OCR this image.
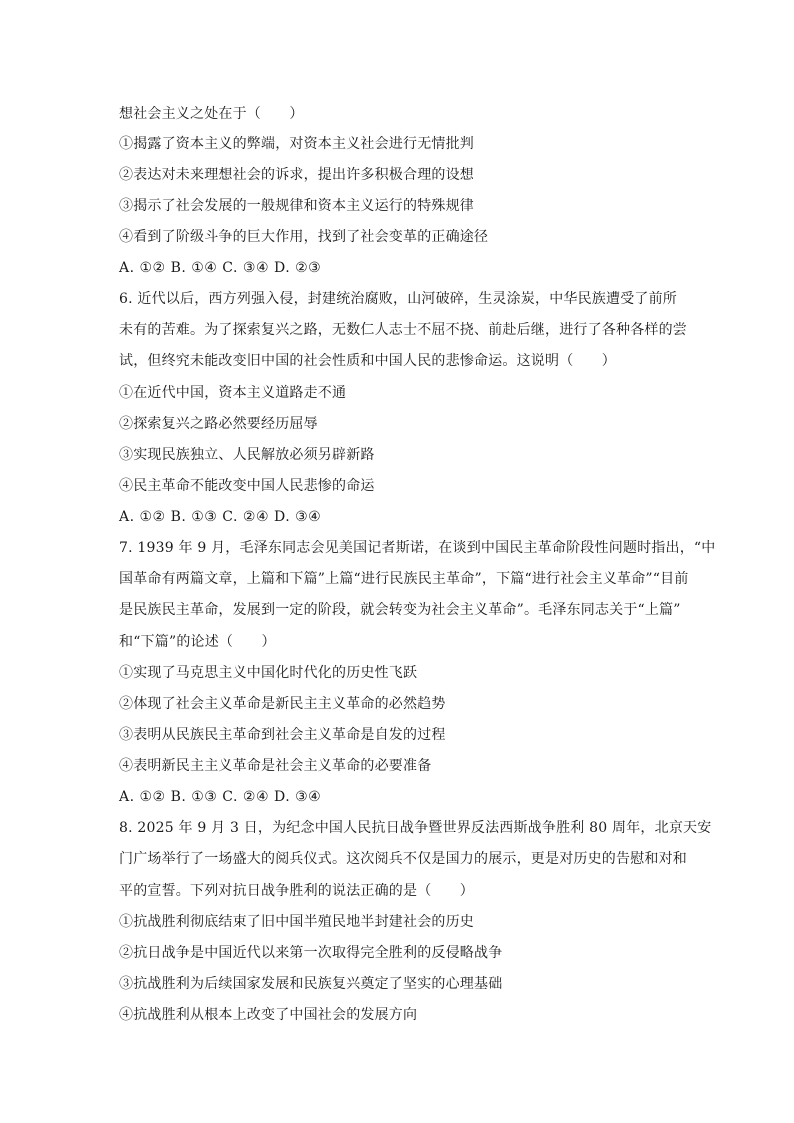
想社会主义之处在于（　　）
①揭露了资本主义的弊端，对资本主义社会进行无情批判
②表达对未来理想社会的诉求，提出许多积极合理的设想
③揭示了社会发展的一般规律和资本主义运行的特殊规律
④看到了阶级斗争的巨大作用，找到了社会变革的正确途径
A. ①② B. ①④ C. ③④ D. ②③
6. 近代以后，西方列强入侵，封建统治腐败，山河破碎，生灵涂炭，中华民族遭受了前所
未有的苦难。为了探索复兴之路，无数仁人志士不屈不挠、前赴后继，进行了各种各样的尝
试，但终究未能改变旧中国的社会性质和中国人民的悲惨命运。这说明（　　）
①在近代中国，资本主义道路走不通
②探索复兴之路必然要经历屈辱
③实现民族独立、人民解放必须另辟新路
④民主革命不能改变中国人民悲惨的命运
A. ①② B. ①③ C. ②④ D. ③④
7. 1939 年 9 月，毛泽东同志会见美国记者斯诺，在谈到中国民主革命阶段性问题时指出，“中
国革命有两篇文章，上篇和下篇”上篇“进行民族民主革命”，下篇“进行社会主义革命”“目前
是民族民主革命，发展到一定的阶段，就会转变为社会主义革命”。毛泽东同志关于“上篇”
和“下篇”的论述（　　）
①实现了马克思主义中国化时代化的历史性飞跃
②体现了社会主义革命是新民主主义革命的必然趋势
③表明从民族民主革命到社会主义革命是自发的过程
④表明新民主主义革命是社会主义革命的必要准备
A. ①② B. ①③ C. ②④ D. ③④
8. 2025 年 9 月 3 日，为纪念中国人民抗日战争暨世界反法西斯战争胜利 80 周年，北京天安
门广场举行了一场盛大的阅兵仪式。这次阅兵不仅是国力的展示，更是对历史的告慰和对和
平的宣誓。下列对抗日战争胜利的说法正确的是（　　）
①抗战胜利彻底结束了旧中国半殖民地半封建社会的历史
②抗日战争是中国近代以来第一次取得完全胜利的反侵略战争
③抗战胜利为后续国家发展和民族复兴奠定了坚实的心理基础
④抗战胜利从根本上改变了中国社会的发展方向
